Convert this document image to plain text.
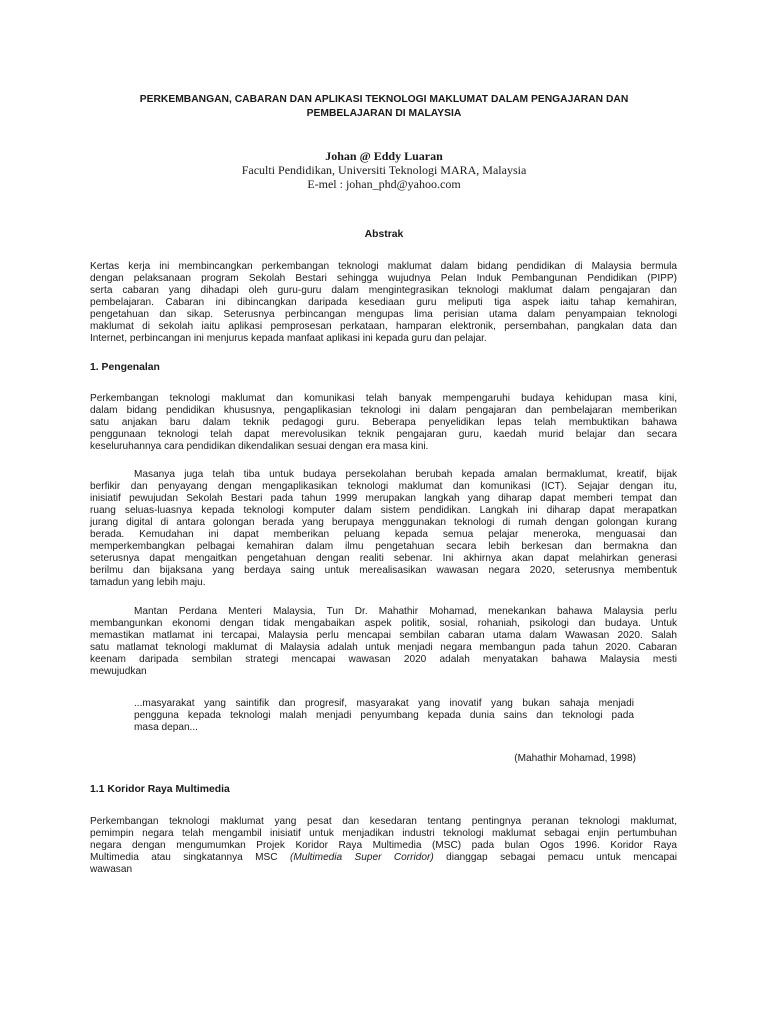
PERKEMBANGAN, CABARAN DAN APLIKASI TEKNOLOGI MAKLUMAT DALAM PENGAJARAN DAN
PEMBELAJARAN DI MALAYSIA
Johan @ Eddy Luaran
Faculti Pendidikan, Universiti Teknologi MARA, Malaysia
E-mel : johan_phd@yahoo.com
Abstrak
Kertas kerja ini membincangkan perkembangan teknologi maklumat dalam bidang pendidikan di Malaysia bermula
dengan pelaksanaan program Sekolah Bestari sehingga wujudnya Pelan Induk Pembangunan Pendidikan (PIPP)
serta cabaran yang dihadapi oleh guru-guru dalam mengintegrasikan teknologi maklumat dalam pengajaran dan
pembelajaran. Cabaran ini dibincangkan daripada kesediaan guru meliputi tiga aspek iaitu tahap kemahiran,
pengetahuan dan sikap. Seterusnya perbincangan mengupas lima perisian utama dalam penyampaian teknologi
maklumat di sekolah iaitu aplikasi pemprosesan perkataan, hamparan elektronik, persembahan, pangkalan data dan
Internet, perbincangan ini menjurus kepada manfaat aplikasi ini kepada guru dan pelajar.
1. Pengenalan
Perkembangan teknologi maklumat dan komunikasi telah banyak mempengaruhi budaya kehidupan masa kini,
dalam bidang pendidikan khususnya, pengaplikasian teknologi ini dalam pengajaran dan pembelajaran memberikan
satu anjakan baru dalam teknik pedagogi guru. Beberapa penyelidikan lepas telah membuktikan bahawa
penggunaan teknologi telah dapat merevolusikan teknik pengajaran guru, kaedah murid belajar dan secara
keseluruhannya cara pendidikan dikendalikan sesuai dengan era masa kini.
Masanya juga telah tiba untuk budaya persekolahan berubah kepada amalan bermaklumat, kreatif, bijak
berfikir dan penyayang dengan mengaplikasikan teknologi maklumat dan komunikasi (ICT). Sejajar dengan itu,
inisiatif pewujudan Sekolah Bestari pada tahun 1999 merupakan langkah yang diharap dapat memberi tempat dan
ruang seluas-luasnya kepada teknologi komputer dalam sistem pendidikan. Langkah ini diharap dapat merapatkan
jurang digital di antara golongan berada yang berupaya menggunakan teknologi di rumah dengan golongan kurang
berada. Kemudahan ini dapat memberikan peluang kepada semua pelajar meneroka, menguasai dan
memperkembangkan pelbagai kemahiran dalam ilmu pengetahuan secara lebih berkesan dan bermakna dan
seterusnya dapat mengaitkan pengetahuan dengan realiti sebenar. Ini akhirnya akan dapat melahirkan generasi
berilmu dan bijaksana yang berdaya saing untuk merealisasikan wawasan negara 2020, seterusnya membentuk
tamadun yang lebih maju.
Mantan Perdana Menteri Malaysia, Tun Dr. Mahathir Mohamad, menekankan bahawa Malaysia perlu
membangunkan ekonomi dengan tidak mengabaikan aspek politik, sosial, rohaniah, psikologi dan budaya. Untuk
memastikan matlamat ini tercapai, Malaysia perlu mencapai sembilan cabaran utama dalam Wawasan 2020. Salah
satu matlamat teknologi maklumat di Malaysia adalah untuk menjadi negara membangun pada tahun 2020. Cabaran
keenam daripada sembilan strategi mencapai wawasan 2020 adalah menyatakan bahawa Malaysia mesti
mewujudkan
...masyarakat yang saintifik dan progresif, masyarakat yang inovatif yang bukan sahaja menjadi
pengguna kepada teknologi malah menjadi penyumbang kepada dunia sains dan teknologi pada
masa depan...
(Mahathir Mohamad, 1998)
1.1 Koridor Raya Multimedia
Perkembangan teknologi maklumat yang pesat dan kesedaran tentang pentingnya peranan teknologi maklumat,
pemimpin negara telah mengambil inisiatif untuk menjadikan industri teknologi maklumat sebagai enjin pertumbuhan
negara dengan mengumumkan Projek Koridor Raya Multimedia (MSC) pada bulan Ogos 1996. Koridor Raya
Multimedia atau singkatannya MSC (Multimedia Super Corridor) dianggap sebagai pemacu untuk mencapai
wawasan
